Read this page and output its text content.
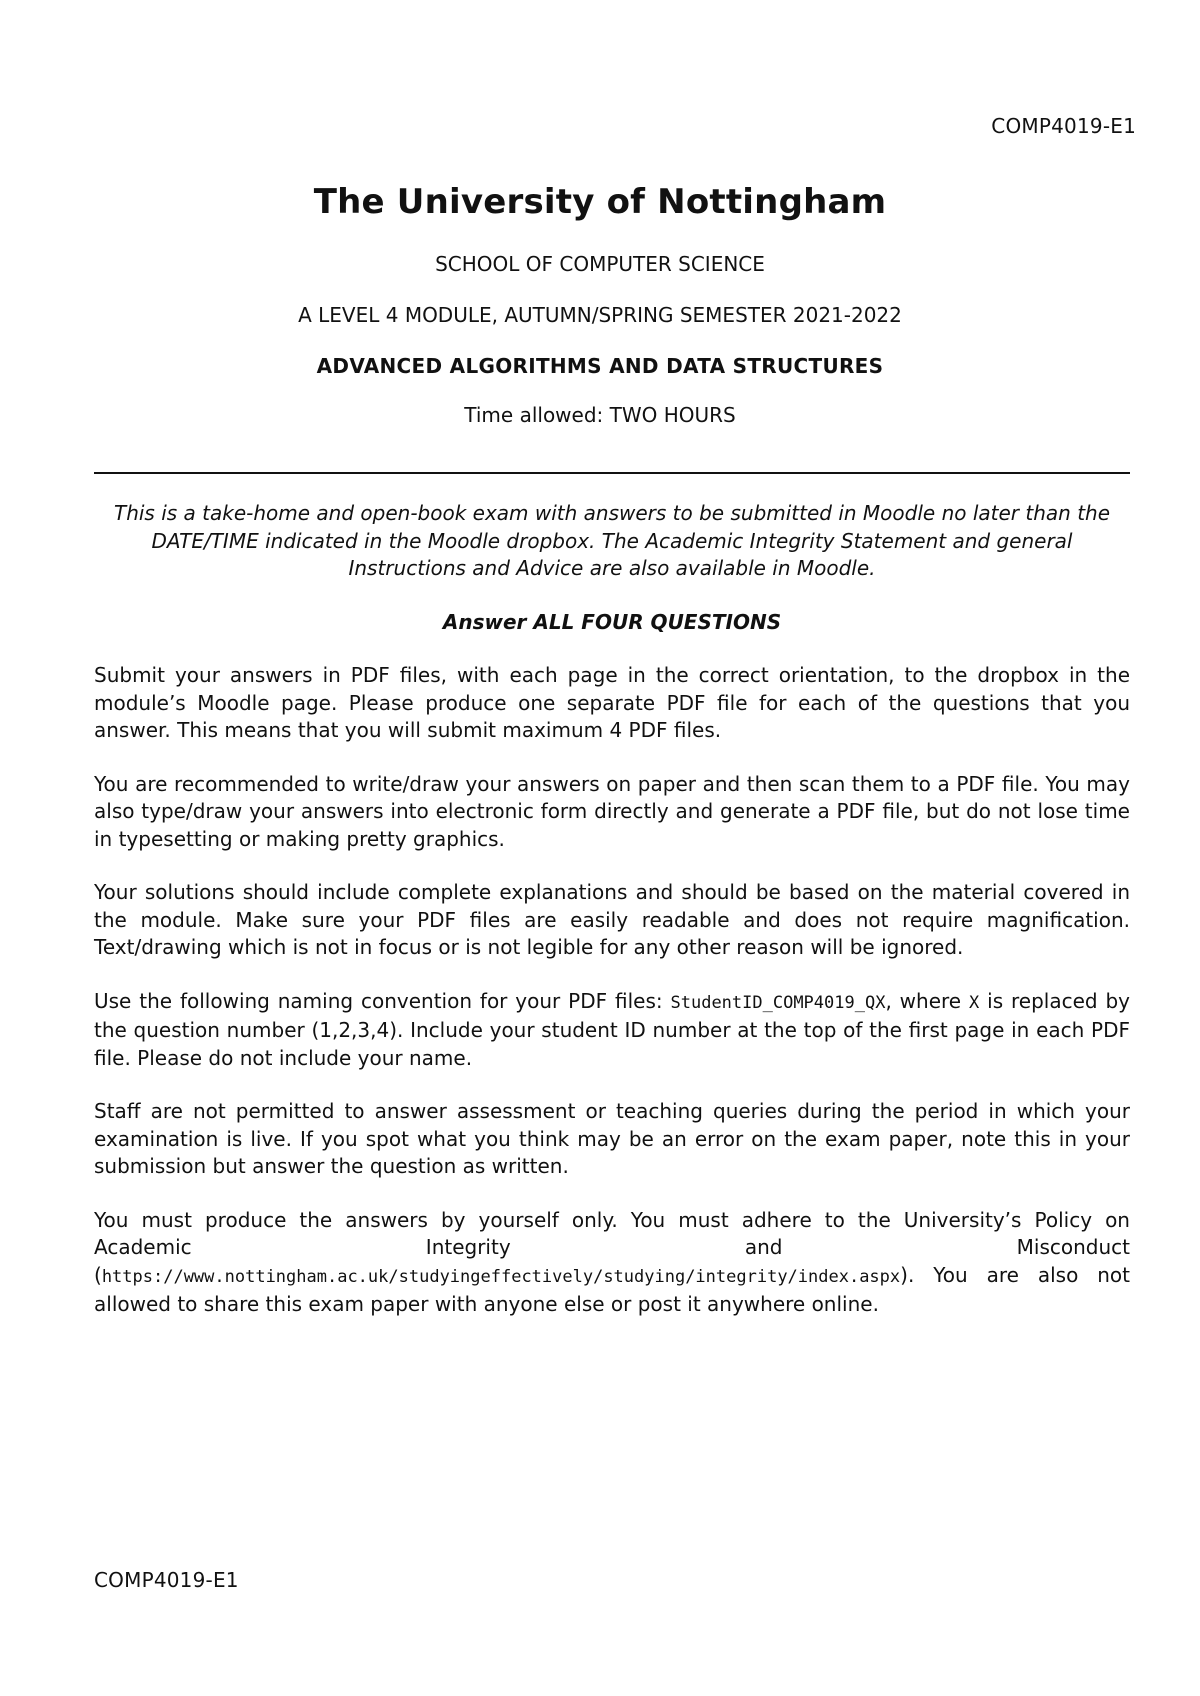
COMP4019-E1
The University of Nottingham
SCHOOL OF COMPUTER SCIENCE
A LEVEL 4 MODULE, AUTUMN/SPRING SEMESTER 2021-2022
ADVANCED ALGORITHMS AND DATA STRUCTURES
Time allowed: TWO HOURS

This is a take-home and open-book exam with answers to be submitted in Moodle no later than the DATE/TIME indicated in the Moodle dropbox. The Academic Integrity Statement and general Instructions and Advice are also available in Moodle.

Answer ALL FOUR QUESTIONS

Submit your answers in PDF files, with each page in the correct orientation, to the dropbox in the module’s Moodle page. Please produce one separate PDF file for each of the questions that you answer. This means that you will submit maximum 4 PDF files.

You are recommended to write/draw your answers on paper and then scan them to a PDF file. You may also type/draw your answers into electronic form directly and generate a PDF file, but do not lose time in typesetting or making pretty graphics.

Your solutions should include complete explanations and should be based on the material covered in the module. Make sure your PDF files are easily readable and does not require magnification. Text/drawing which is not in focus or is not legible for any other reason will be ignored.

Use the following naming convention for your PDF files: StudentID_COMP4019_QX, where X is replaced by the question number (1,2,3,4). Include your student ID number at the top of the first page in each PDF file. Please do not include your name.

Staff are not permitted to answer assessment or teaching queries during the period in which your examination is live. If you spot what you think may be an error on the exam paper, note this in your submission but answer the question as written.

You must produce the answers by yourself only. You must adhere to the University’s Policy on Academic Integrity and Misconduct (https://www.nottingham.ac.uk/studyingeffectively/studying/integrity/index.aspx). You are also not allowed to share this exam paper with anyone else or post it anywhere online.

COMP4019-E1
